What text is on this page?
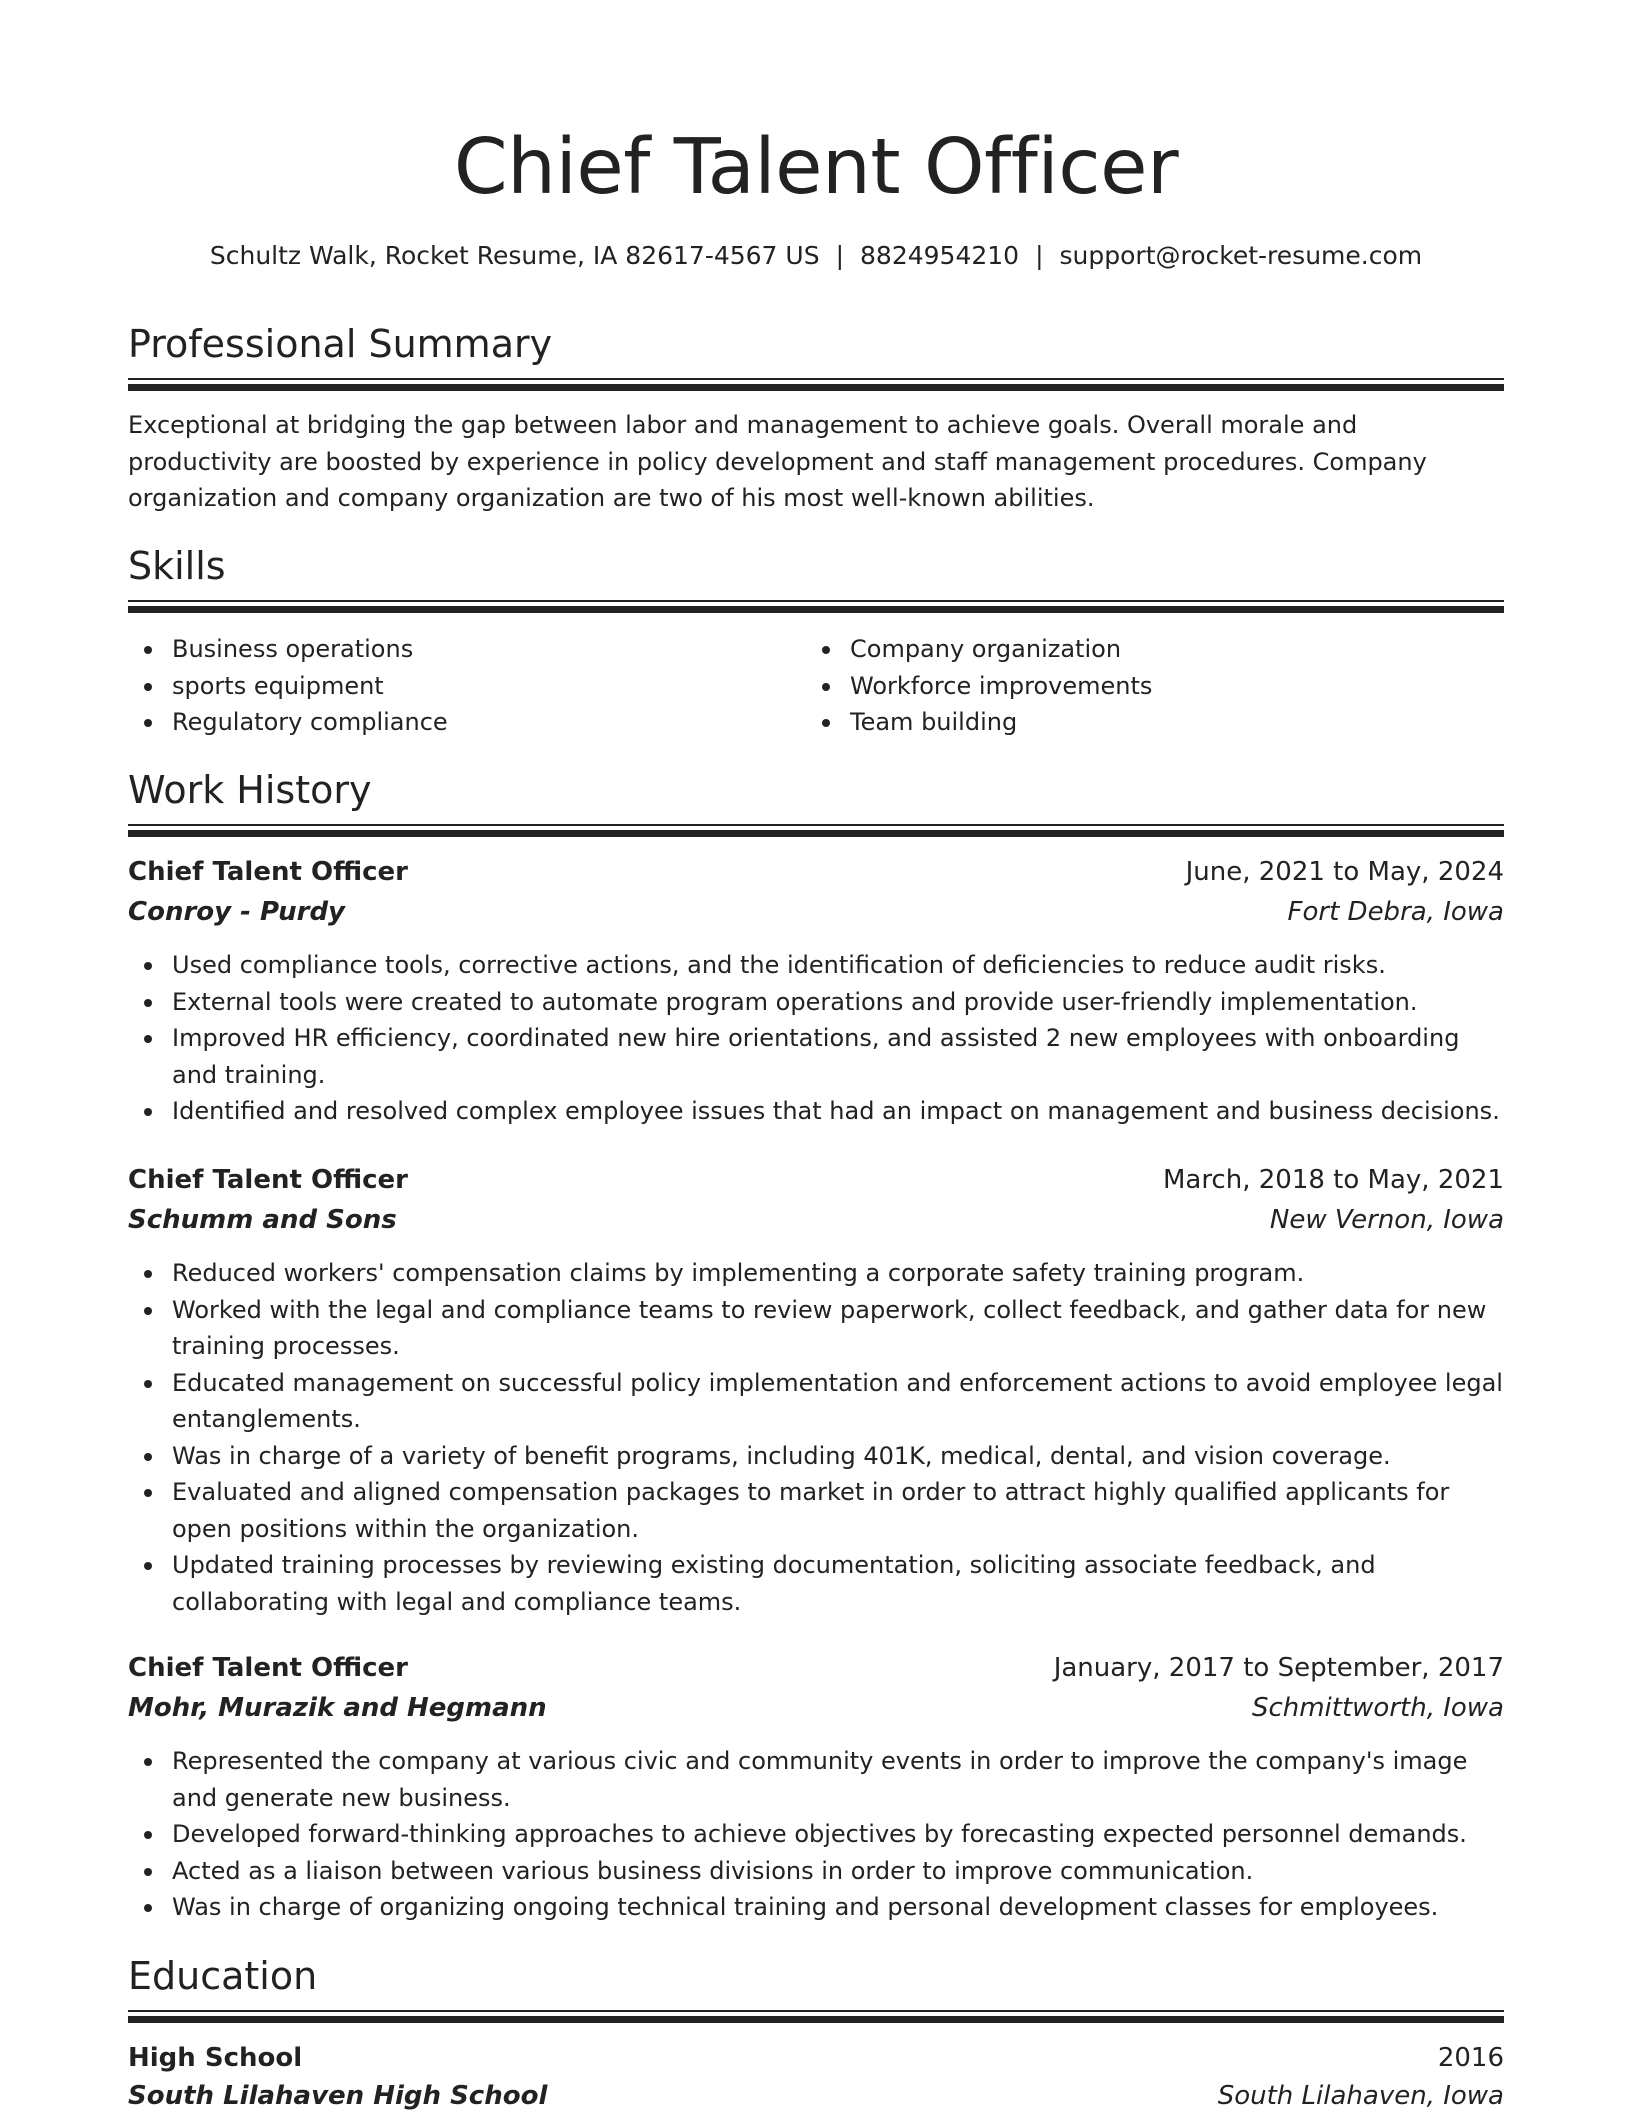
Chief Talent Officer
Schultz Walk, Rocket Resume, IA 82617-4567 US | 8824954210 | support@rocket-resume.com
Professional Summary

Exceptional at bridging the gap between labor and management to achieve goals. Overall morale and productivity are boosted by experience in policy development and staff management procedures. Company organization and company organization are two of his most well-known abilities.

Skills
Business operations
sports equipment
Regulatory compliance
Company organization
Workforce improvements
Team building
Work History
Chief Talent Officer	June, 2021 to May, 2024
Conroy - Purdy	Fort Debra, Iowa
Used compliance tools, corrective actions, and the identification of deficiencies to reduce audit risks.
External tools were created to automate program operations and provide user-friendly implementation.
Improved HR efficiency, coordinated new hire orientations, and assisted 2 new employees with onboarding and training.
Identified and resolved complex employee issues that had an impact on management and business decisions.
Chief Talent Officer	March, 2018 to May, 2021
Schumm and Sons	New Vernon, Iowa
Reduced workers' compensation claims by implementing a corporate safety training program.
Worked with the legal and compliance teams to review paperwork, collect feedback, and gather data for new training processes.
Educated management on successful policy implementation and enforcement actions to avoid employee legal entanglements.
Was in charge of a variety of benefit programs, including 401K, medical, dental, and vision coverage.
Evaluated and aligned compensation packages to market in order to attract highly qualified applicants for open positions within the organization.
Updated training processes by reviewing existing documentation, soliciting associate feedback, and collaborating with legal and compliance teams.
Chief Talent Officer	January, 2017 to September, 2017
Mohr, Murazik and Hegmann	Schmittworth, Iowa
Represented the company at various civic and community events in order to improve the company's image and generate new business.
Developed forward-thinking approaches to achieve objectives by forecasting expected personnel demands.
Acted as a liaison between various business divisions in order to improve communication.
Was in charge of organizing ongoing technical training and personal development classes for employees.
Education
High School	2016
South Lilahaven High School	South Lilahaven, Iowa
